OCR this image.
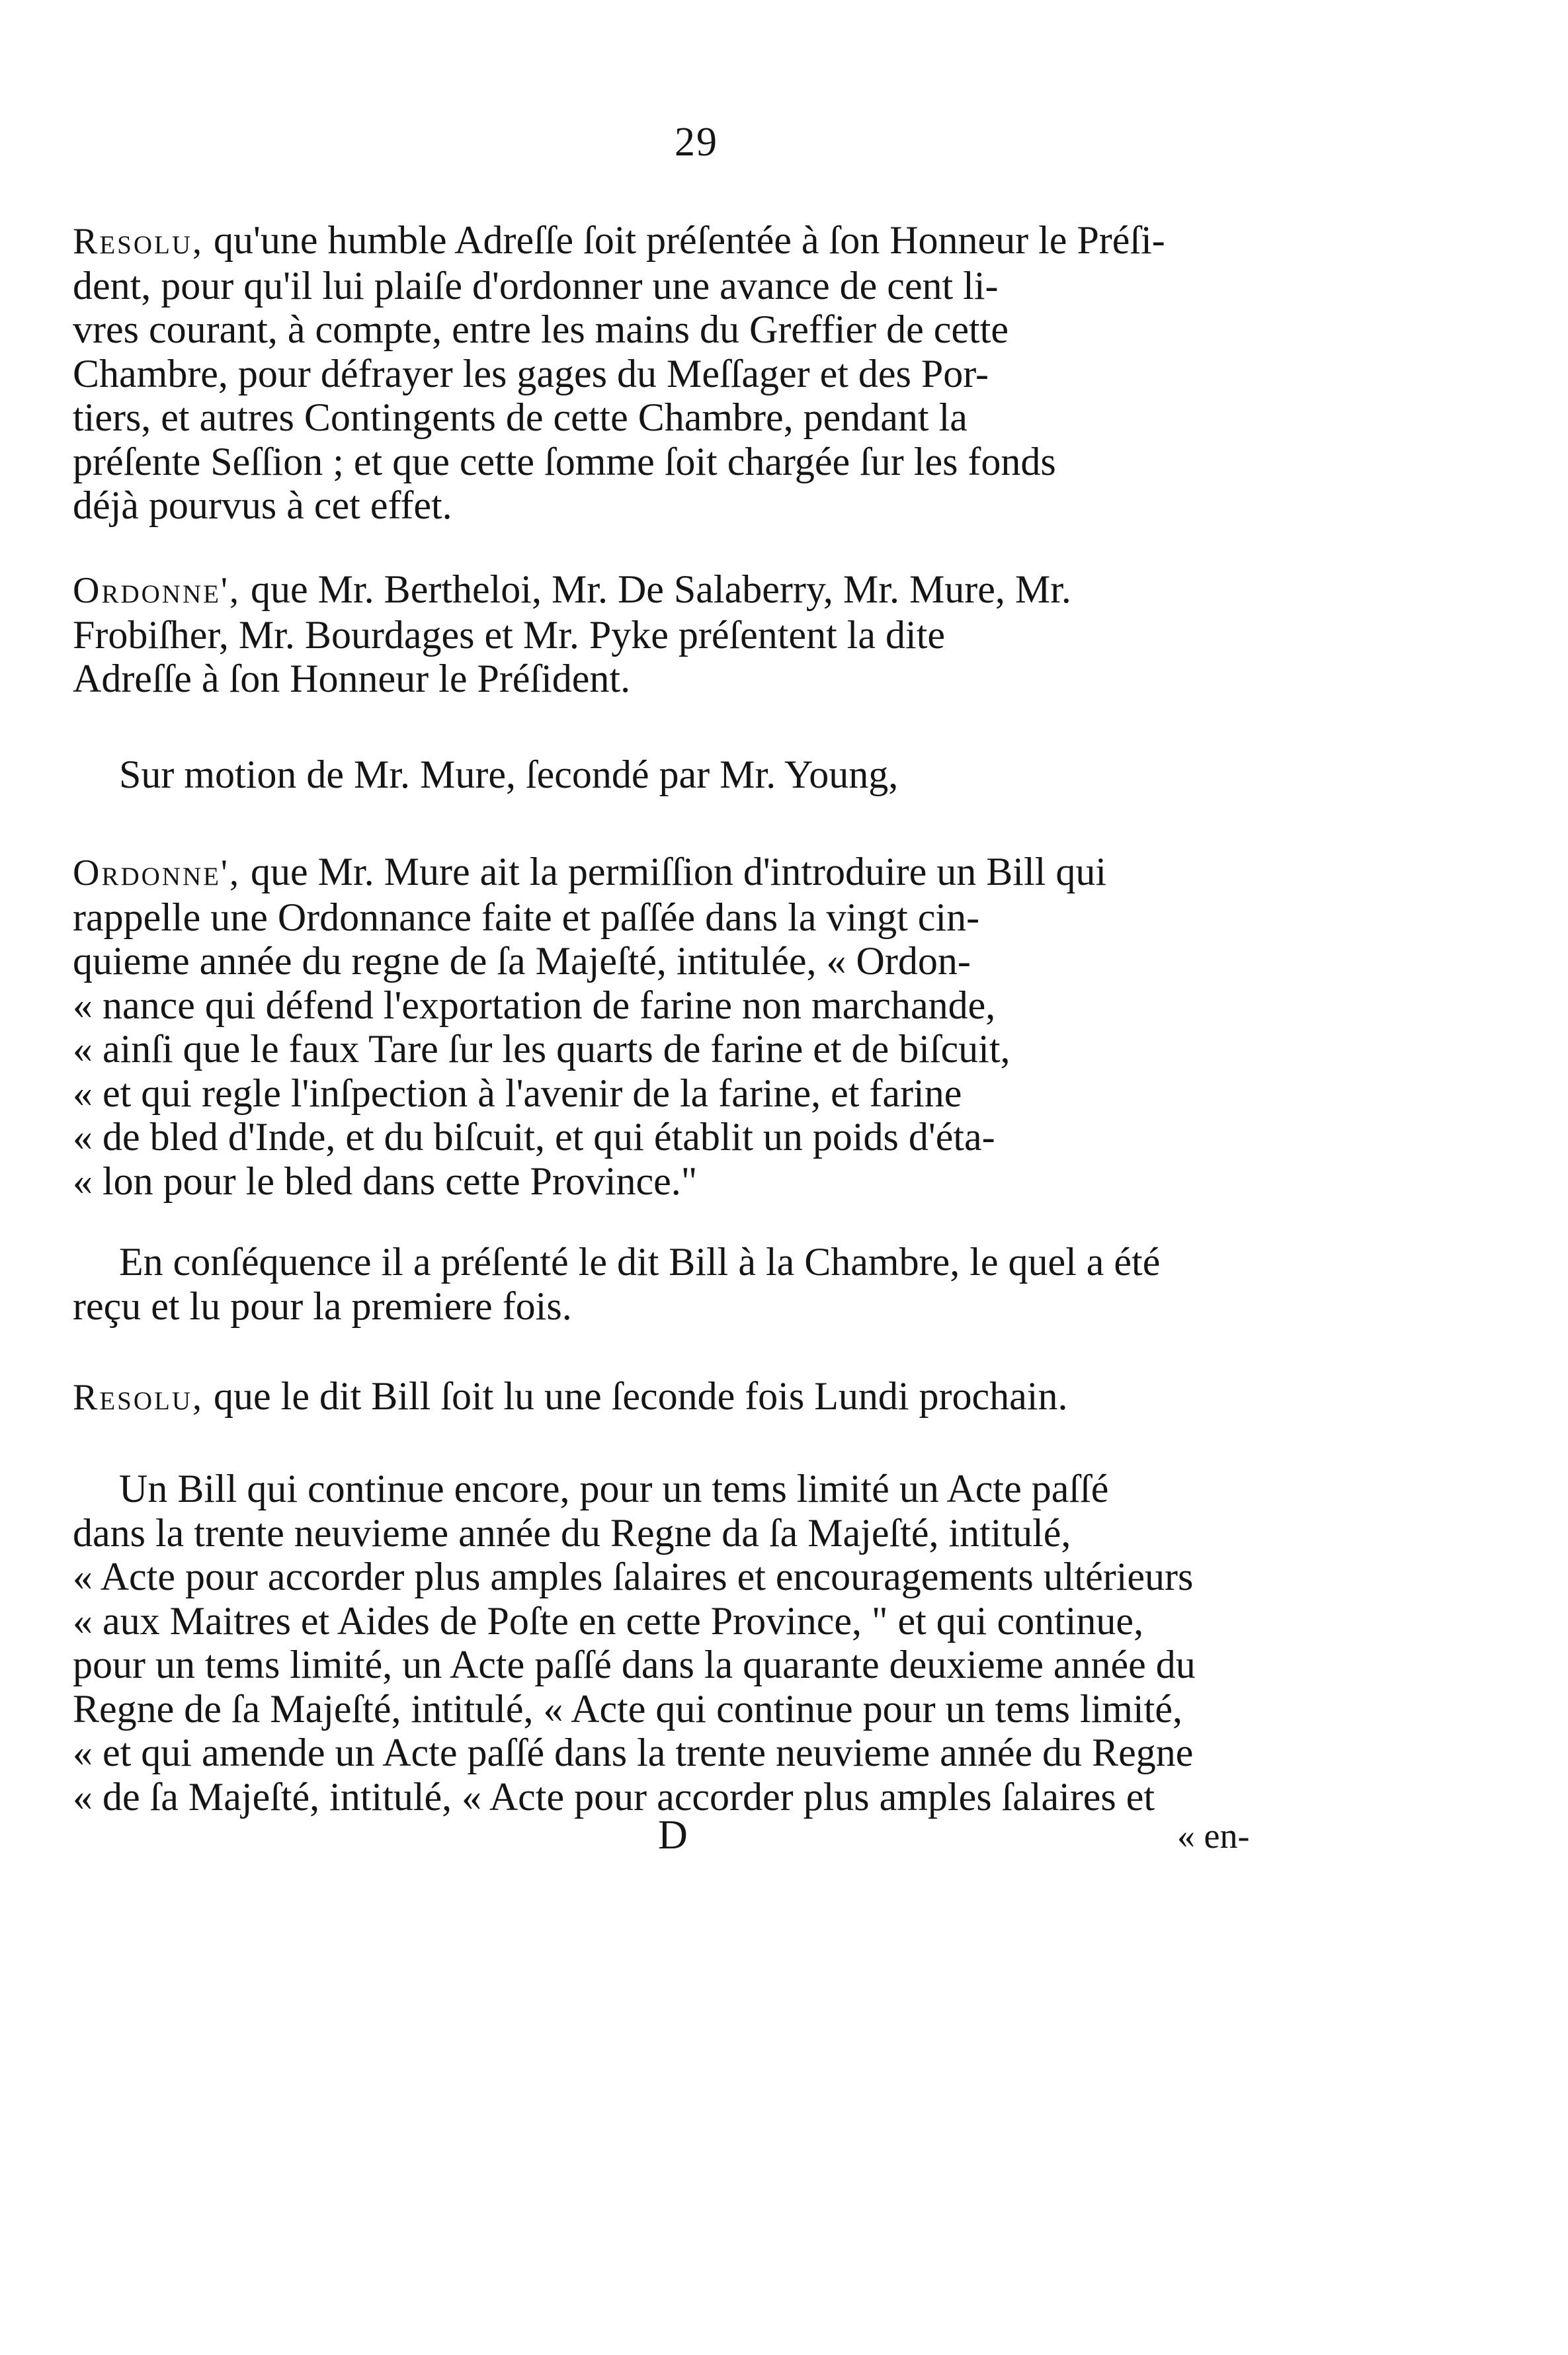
29
Resolu, qu'une humble Adreſſe ſoit préſentée à ſon Honneur le Préſi-
dent, pour qu'il lui plaiſe d'ordonner une avance de cent li-
vres courant, à compte, entre les mains du Greffier de cette
Chambre, pour défrayer les gages du Meſſager et des Por-
tiers, et autres Contingents de cette Chambre, pendant la
préſente Seſſion ; et que cette ſomme ſoit chargée ſur les fonds
déjà pourvus à cet effet.
Ordonne', que Mr. Bertheloi, Mr. De Salaberry, Mr. Mure, Mr.
Frobiſher, Mr. Bourdages et Mr. Pyke préſentent la dite
Adreſſe à ſon Honneur le Préſident.
Sur motion de Mr. Mure, ſecondé par Mr. Young,
Ordonne', que Mr. Mure ait la permiſſion d'introduire un Bill qui
rappelle une Ordonnance faite et paſſée dans la vingt cin-
quieme année du regne de ſa Majeſté, intitulée, « Ordon-
« nance qui défend l'exportation de farine non marchande,
« ainſi que le faux Tare ſur les quarts de farine et de biſcuit,
« et qui regle l'inſpection à l'avenir de la farine, et farine
« de bled d'Inde, et du biſcuit, et qui établit un poids d'éta-
« lon pour le bled dans cette Province."
En conſéquence il a préſenté le dit Bill à la Chambre, le quel a été
reçu et lu pour la premiere fois.
Resolu, que le dit Bill ſoit lu une ſeconde fois Lundi prochain.
Un Bill qui continue encore, pour un tems limité un Acte paſſé
dans la trente neuvieme année du Regne da ſa Majeſté, intitulé,
« Acte pour accorder plus amples ſalaires et encouragements ultérieurs
« aux Maitres et Aides de Poſte en cette Province, " et qui continue,
pour un tems limité, un Acte paſſé dans la quarante deuxieme année du
Regne de ſa Majeſté, intitulé, « Acte qui continue pour un tems limité,
« et qui amende un Acte paſſé dans la trente neuvieme année du Regne
« de ſa Majeſté, intitulé, « Acte pour accorder plus amples ſalaires et
D	« en-
